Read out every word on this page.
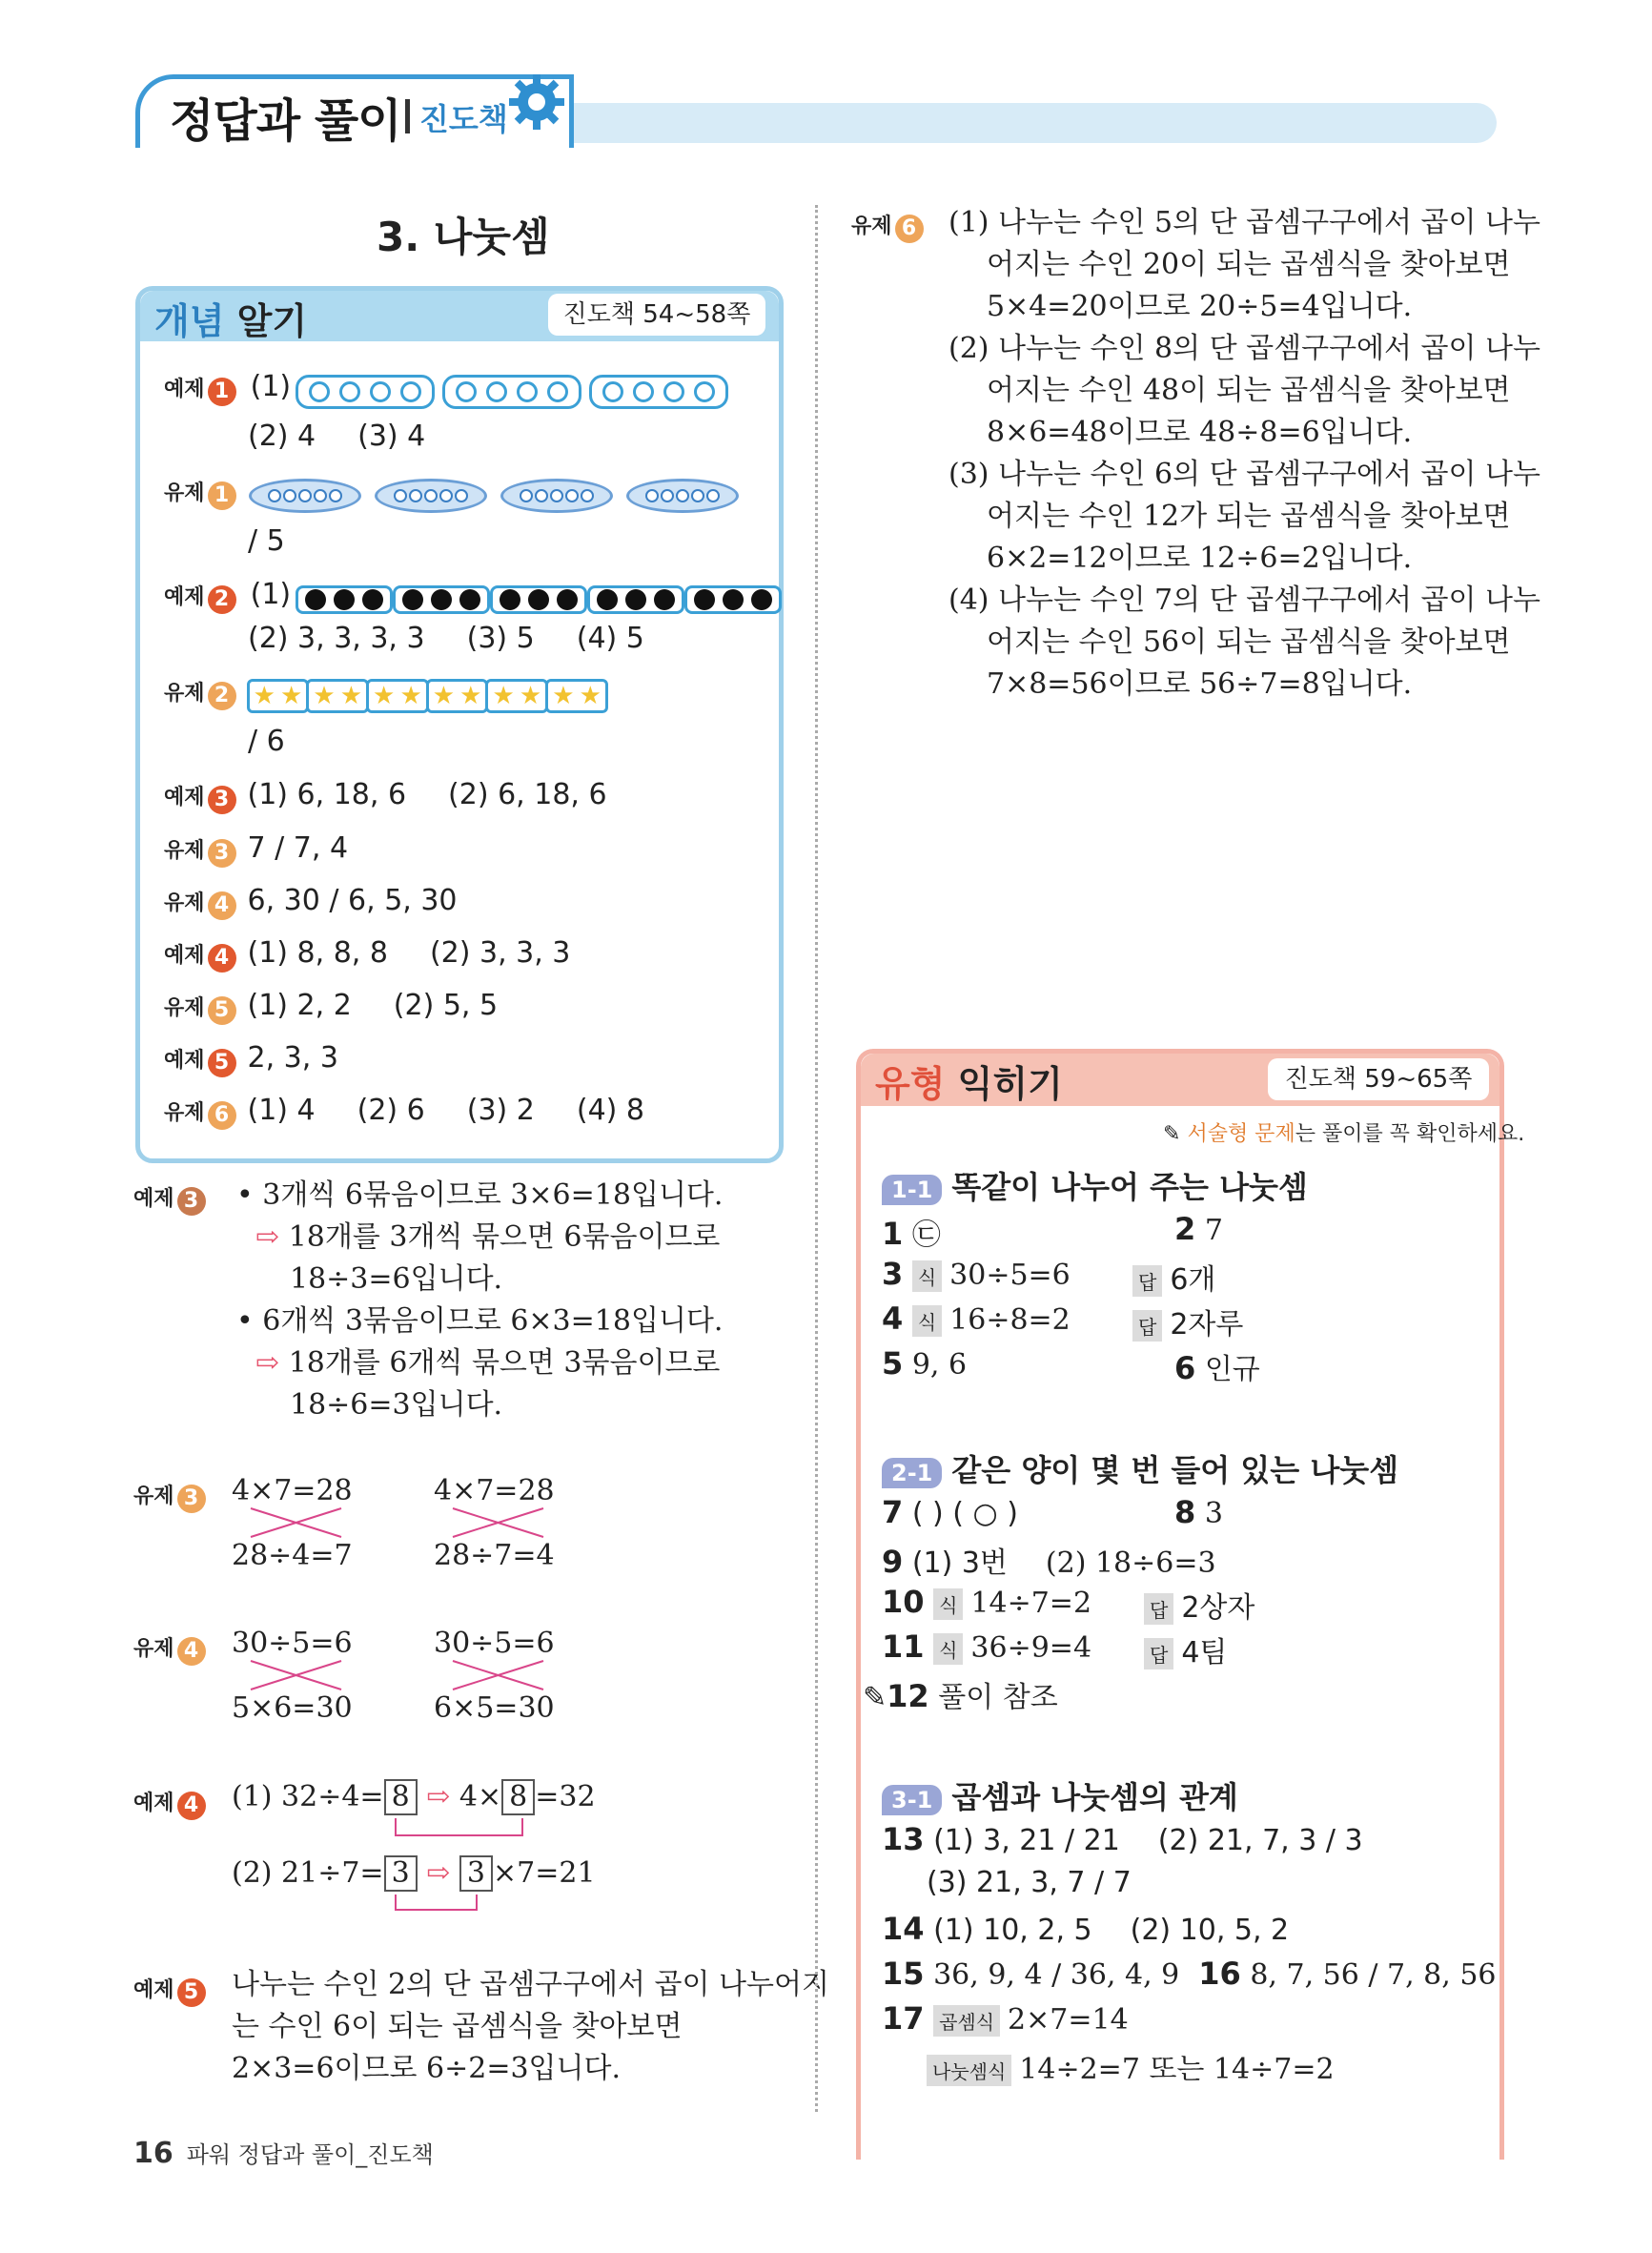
정답과 풀이 진도책
3. 나눗셈
개념 알기	진도책 54~58쪽
예제 1 (1)
(2) 4 (3) 4
유제 1
/ 5
예제 2 (1)
(2) 3, 3, 3, 3 (3) 5 (4) 5
유제 2 ★ ★ ★ ★ ★ ★ ★ ★ ★ ★ ★ ★
/ 6
예제 3 (1) 6, 18, 6 (2) 6, 18, 6
유제 3 7 / 7, 4
유제 4 6, 30 / 6, 5, 30
예제 4 (1) 8, 8, 8 (2) 3, 3, 3
유제 5 (1) 2, 2 (2) 5, 5
예제 5 2, 3, 3
유제 6 (1) 4 (2) 6 (3) 2 (4) 8
예제 3 • 3개씩 6묶음이므로 3×6=18입니다.
⇨ 18개를 3개씩 묶으면 6묶음이므로
18÷3=6입니다.
• 6개씩 3묶음이므로 6×3=18입니다.
⇨ 18개를 6개씩 묶으면 3묶음이므로
18÷6=3입니다.
유제 3 4×7=28
28÷4=7
4×7=28
28÷7=4
유제 4 30÷5=6
5×6=30
30÷5=6
6×5=30
예제 4 (1) 32÷4= 8 ⇨ 4× 8 =32
(2) 21÷7= 3 ⇨ 3 ×7=21
예제 5 나누는 수인 2의 단 곱셈구구에서 곱이 나누어지
는 수인 6이 되는 곱셈식을 찾아보면
2×3=6이므로 6÷2=3입니다.
유제 6 (1) 나누는 수인 5의 단 곱셈구구에서 곱이 나누
어지는 수인 20이 되는 곱셈식을 찾아보면
5×4=20이므로 20÷5=4입니다.
(2) 나누는 수인 8의 단 곱셈구구에서 곱이 나누
어지는 수인 48이 되는 곱셈식을 찾아보면
8×6=48이므로 48÷8=6입니다.
(3) 나누는 수인 6의 단 곱셈구구에서 곱이 나누
어지는 수인 12가 되는 곱셈식을 찾아보면
6×2=12이므로 12÷6=2입니다.
(4) 나누는 수인 7의 단 곱셈구구에서 곱이 나누
어지는 수인 56이 되는 곱셈식을 찾아보면
7×8=56이므로 56÷7=8입니다.
유형 익히기	진도책 59~65쪽
✎ 서술형 문제는 풀이를 꼭 확인하세요.
1-1 똑같이 나누어 주는 나눗셈
1 ㉢	2 7
3 식 30÷5=6	답 6개
4 식 16÷8=2	답 2자루
5 9, 6	6 인규
2-1 같은 양이 몇 번 들어 있는 나눗셈
7 ( ) ( ○ )	8 3
9 (1) 3번 (2) 18÷6=3
10 식 14÷7=2	답 2상자
11 식 36÷9=4	답 4팀
✎12 풀이 참조
3-1 곱셈과 나눗셈의 관계
13 (1) 3, 21 / 21 (2) 21, 7, 3 / 3
(3) 21, 3, 7 / 7
14 (1) 10, 2, 5 (2) 10, 5, 2
15 36, 9, 4 / 36, 4, 9 16 8, 7, 56 / 7, 8, 56
17 곱셈식 2×7=14
나눗셈식 14÷2=7 또는 14÷7=2
16 파워 정답과 풀이_진도책
